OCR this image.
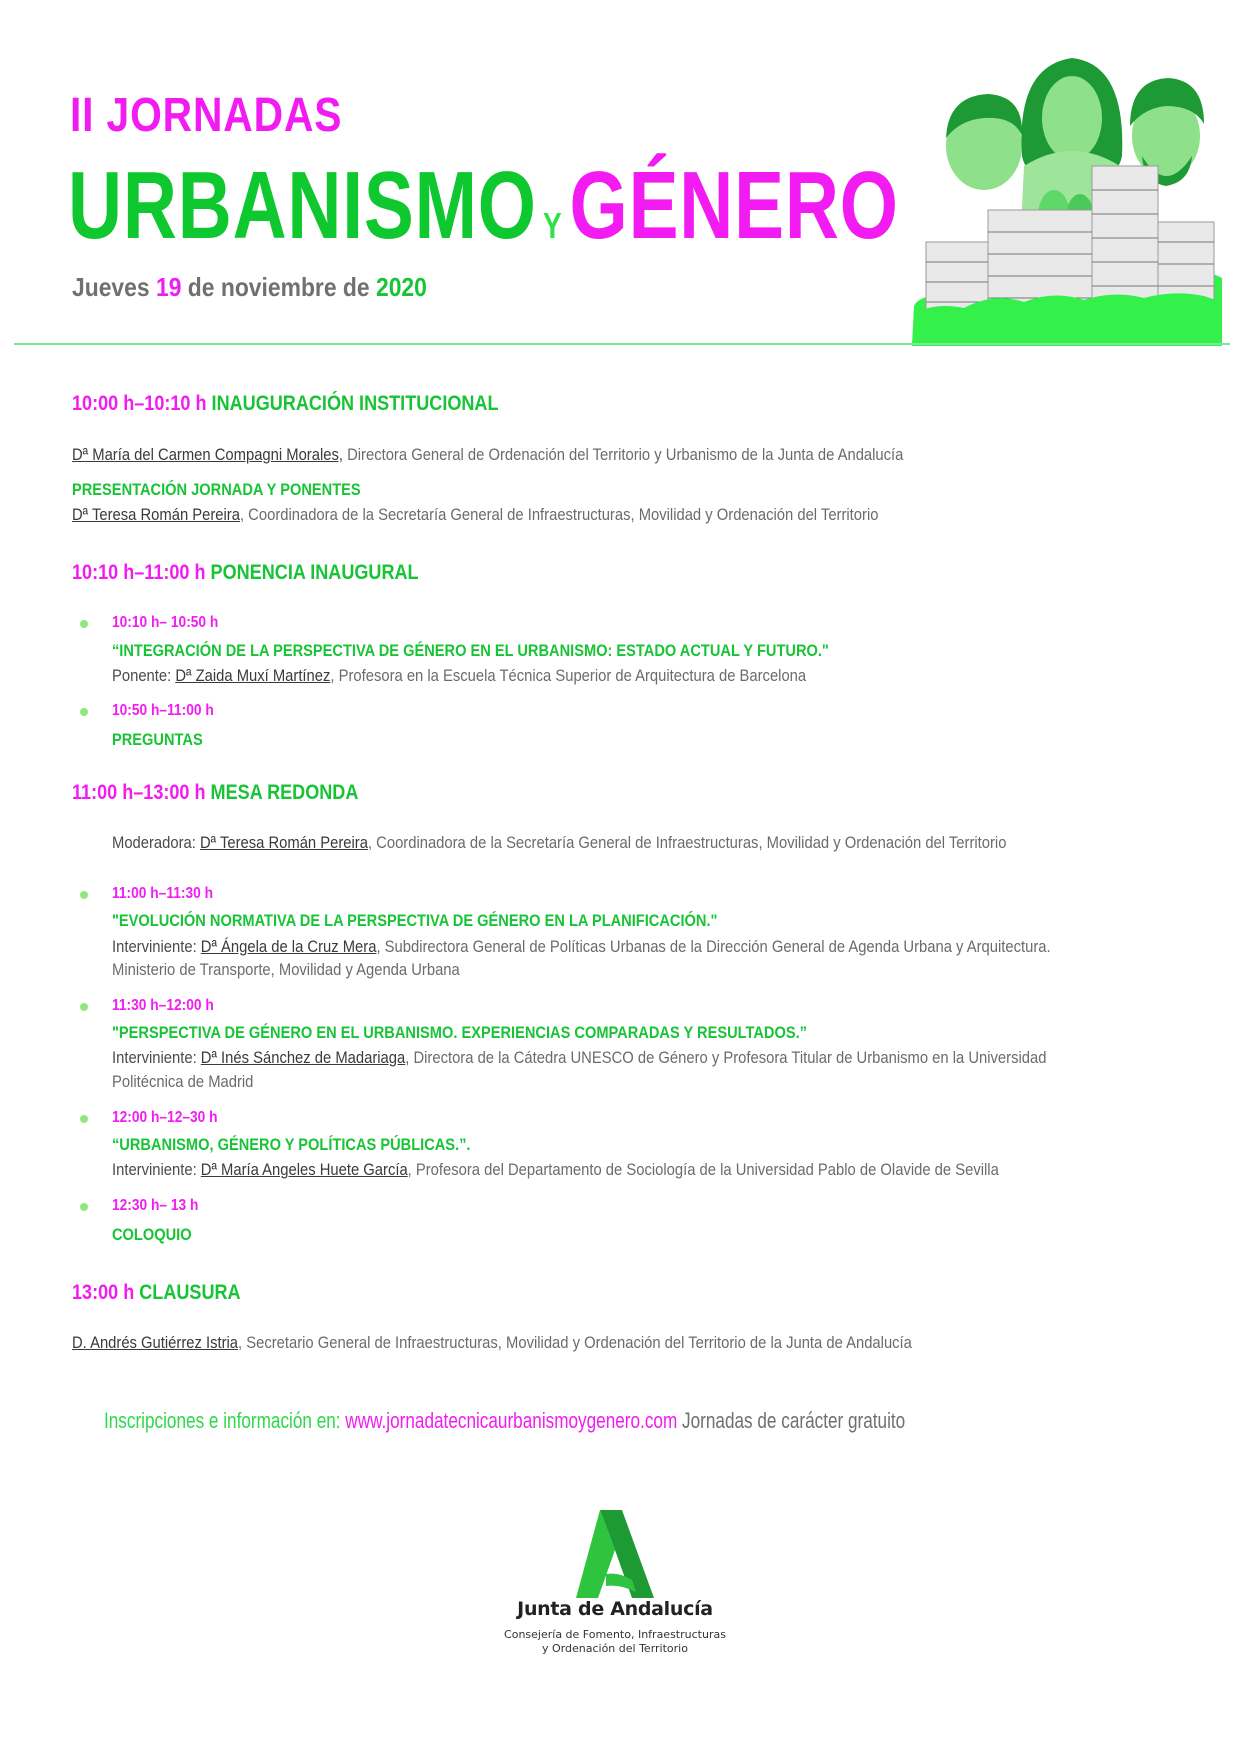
II JORNADAS
URBANISMO YGÉNERO
Jueves 19 de noviembre de 2020
10:00 h–10:10 h INAUGURACIÓN INSTITUCIONAL
Dª María del Carmen Compagni Morales, Directora General de Ordenación del Territorio y Urbanismo de la Junta de Andalucía
PRESENTACIÓN JORNADA Y PONENTES
Dª Teresa Román Pereira, Coordinadora de la Secretaría General de Infraestructuras, Movilidad y Ordenación del Territorio
10:10 h–11:00 h PONENCIA INAUGURAL
10:10 h– 10:50 h
“INTEGRACIÓN DE LA PERSPECTIVA DE GÉNERO EN EL URBANISMO: ESTADO ACTUAL Y FUTURO."
Ponente: Dª Zaida Muxí Martínez, Profesora en la Escuela Técnica Superior de Arquitectura de Barcelona
10:50 h–11:00 h
PREGUNTAS
11:00 h–13:00 h MESA REDONDA
Moderadora: Dª Teresa Román Pereira, Coordinadora de la Secretaría General de Infraestructuras, Movilidad y Ordenación del Territorio
11:00 h–11:30 h
"EVOLUCIÓN NORMATIVA DE LA PERSPECTIVA DE GÉNERO EN LA PLANIFICACIÓN."
Interviniente: Dª Ángela de la Cruz Mera, Subdirectora General de Políticas Urbanas de la Dirección General de Agenda Urbana y Arquitectura.
Ministerio de Transporte, Movilidad y Agenda Urbana
11:30 h–12:00 h
"PERSPECTIVA DE GÉNERO EN EL URBANISMO. EXPERIENCIAS COMPARADAS Y RESULTADOS.”
Interviniente: Dª Inés Sánchez de Madariaga, Directora de la Cátedra UNESCO de Género y Profesora Titular de Urbanismo en la Universidad
Politécnica de Madrid
12:00 h–12–30 h
“URBANISMO, GÉNERO Y POLÍTICAS PÚBLICAS.”.
Interviniente: Dª María Angeles Huete García, Profesora del Departamento de Sociología de la Universidad Pablo de Olavide de Sevilla
12:30 h– 13 h
COLOQUIO
13:00 h CLAUSURA
D. Andrés Gutiérrez Istria, Secretario General de Infraestructuras, Movilidad y Ordenación del Territorio de la Junta de Andalucía
Inscripciones e información en: www.jornadatecnicaurbanismoygenero.com Jornadas de carácter gratuito
Junta de Andalucía
Consejería de Fomento, Infraestructuras
y Ordenación del Territorio
